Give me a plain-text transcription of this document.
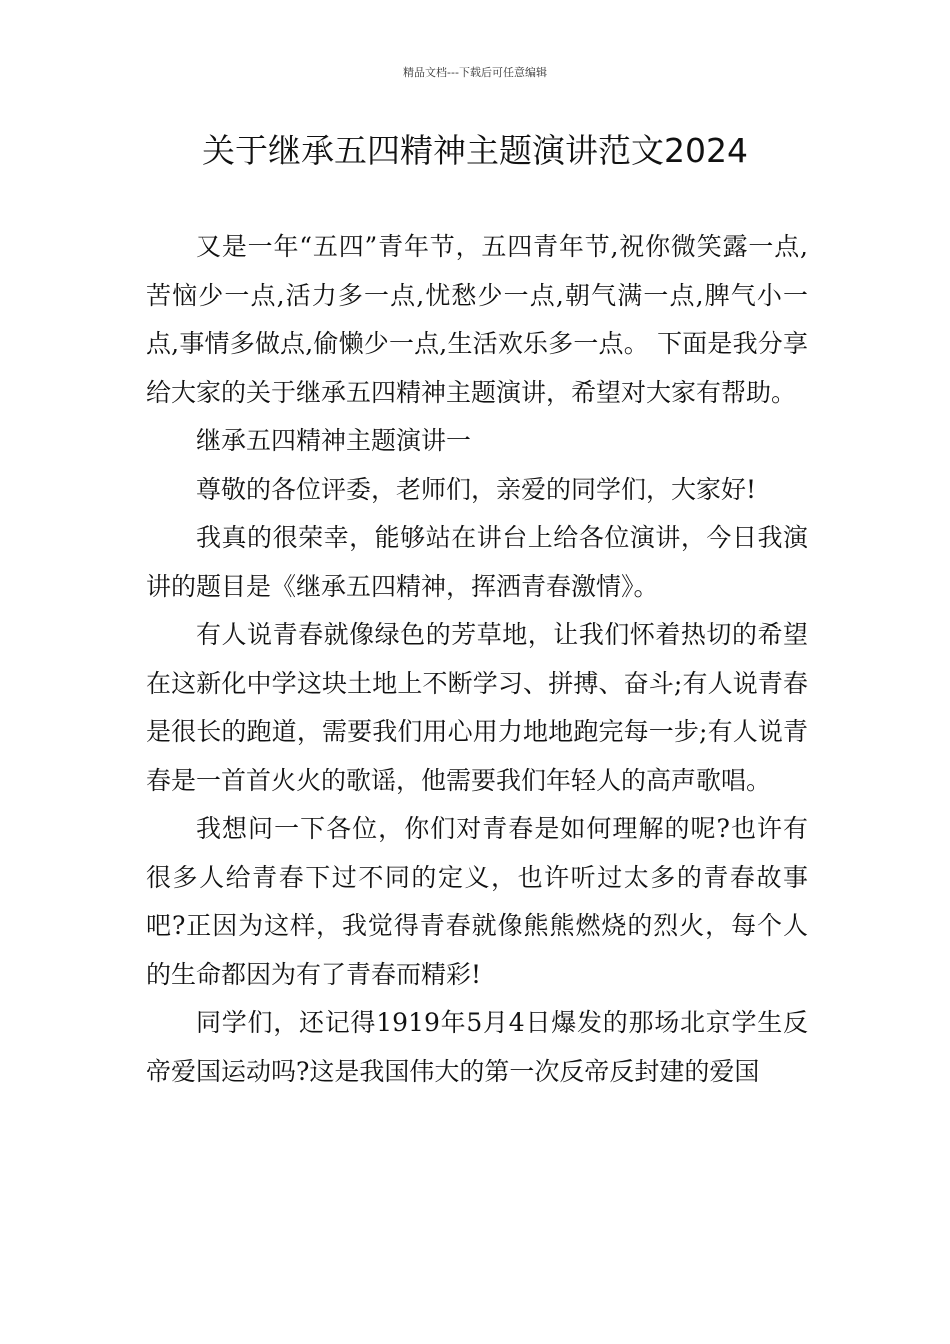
精品文档---下载后可任意编辑
关于继承五四精神主题演讲范文2024

又是一年“五四”青年节，五四青年节,祝你微笑露一点,苦恼少一点,活力多一点,忧愁少一点,朝气满一点,脾气小一点,事情多做点,偷懒少一点,生活欢乐多一点。 下面是我分享给大家的关于继承五四精神主题演讲，希望对大家有帮助。

继承五四精神主题演讲一

尊敬的各位评委，老师们，亲爱的同学们，大家好!

我真的很荣幸，能够站在讲台上给各位演讲，今日我演讲的题目是《继承五四精神，挥洒青春激情》。

有人说青春就像绿色的芳草地，让我们怀着热切的希望在这新化中学这块土地上不断学习、拼搏、奋斗;有人说青春是很长的跑道，需要我们用心用力地地跑完每一步;有人说青春是一首首火火的歌谣，他需要我们年轻人的高声歌唱。

我想问一下各位，你们对青春是如何理解的呢?也许有很多人给青春下过不同的定义，也许听过太多的青春故事吧?正因为这样，我觉得青春就像熊熊燃烧的烈火，每个人的生命都因为有了青春而精彩!

同学们，还记得1919年5月4日爆发的那场北京学生反帝爱国运动吗?这是我国伟大的第一次反帝反封建的爱国
